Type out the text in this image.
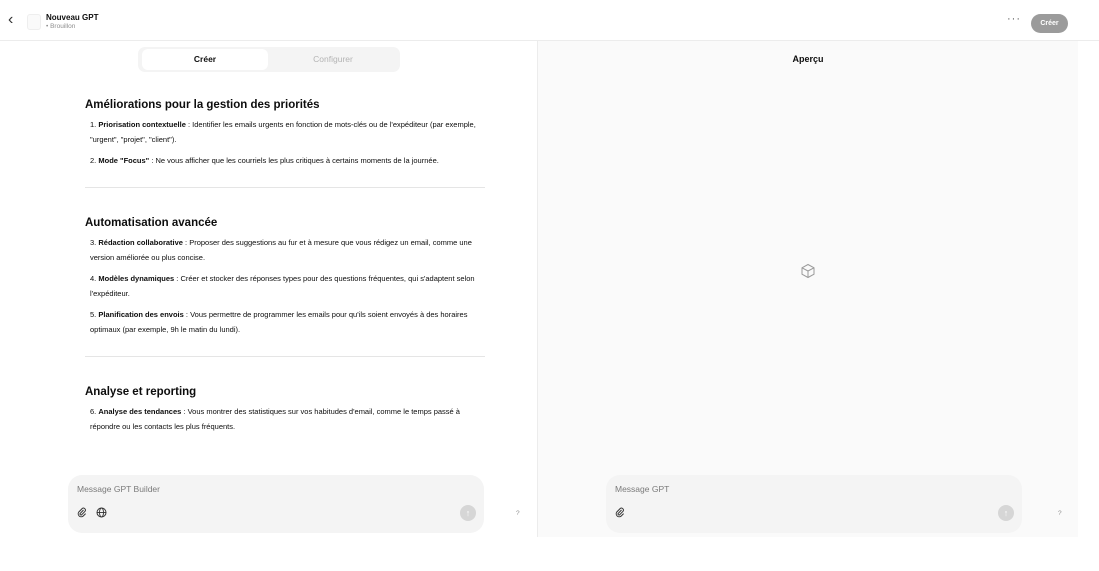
‹	Nouveau GPT
• Brouillon
···	Créer
Créer	Configurer
Améliorations pour la gestion des priorités
1. Priorisation contextuelle : Identifier les emails urgents en fonction de mots-clés ou de l'expéditeur (par exemple, "urgent", "projet", "client").
2. Mode "Focus" : Ne vous afficher que les courriels les plus critiques à certains moments de la journée.
Automatisation avancée
3. Rédaction collaborative : Proposer des suggestions au fur et à mesure que vous rédigez un email, comme une version améliorée ou plus concise.
4. Modèles dynamiques : Créer et stocker des réponses types pour des questions fréquentes, qui s'adaptent selon l'expéditeur.
5. Planification des envois : Vous permettre de programmer les emails pour qu'ils soient envoyés à des horaires optimaux (par exemple, 9h le matin du lundi).
Analyse et reporting
6. Analyse des tendances : Vous montrer des statistiques sur vos habitudes d'email, comme le temps passé à répondre ou les contacts les plus fréquents.
Message GPT Builder
↑	?
Aperçu
Message GPT
↑	?
